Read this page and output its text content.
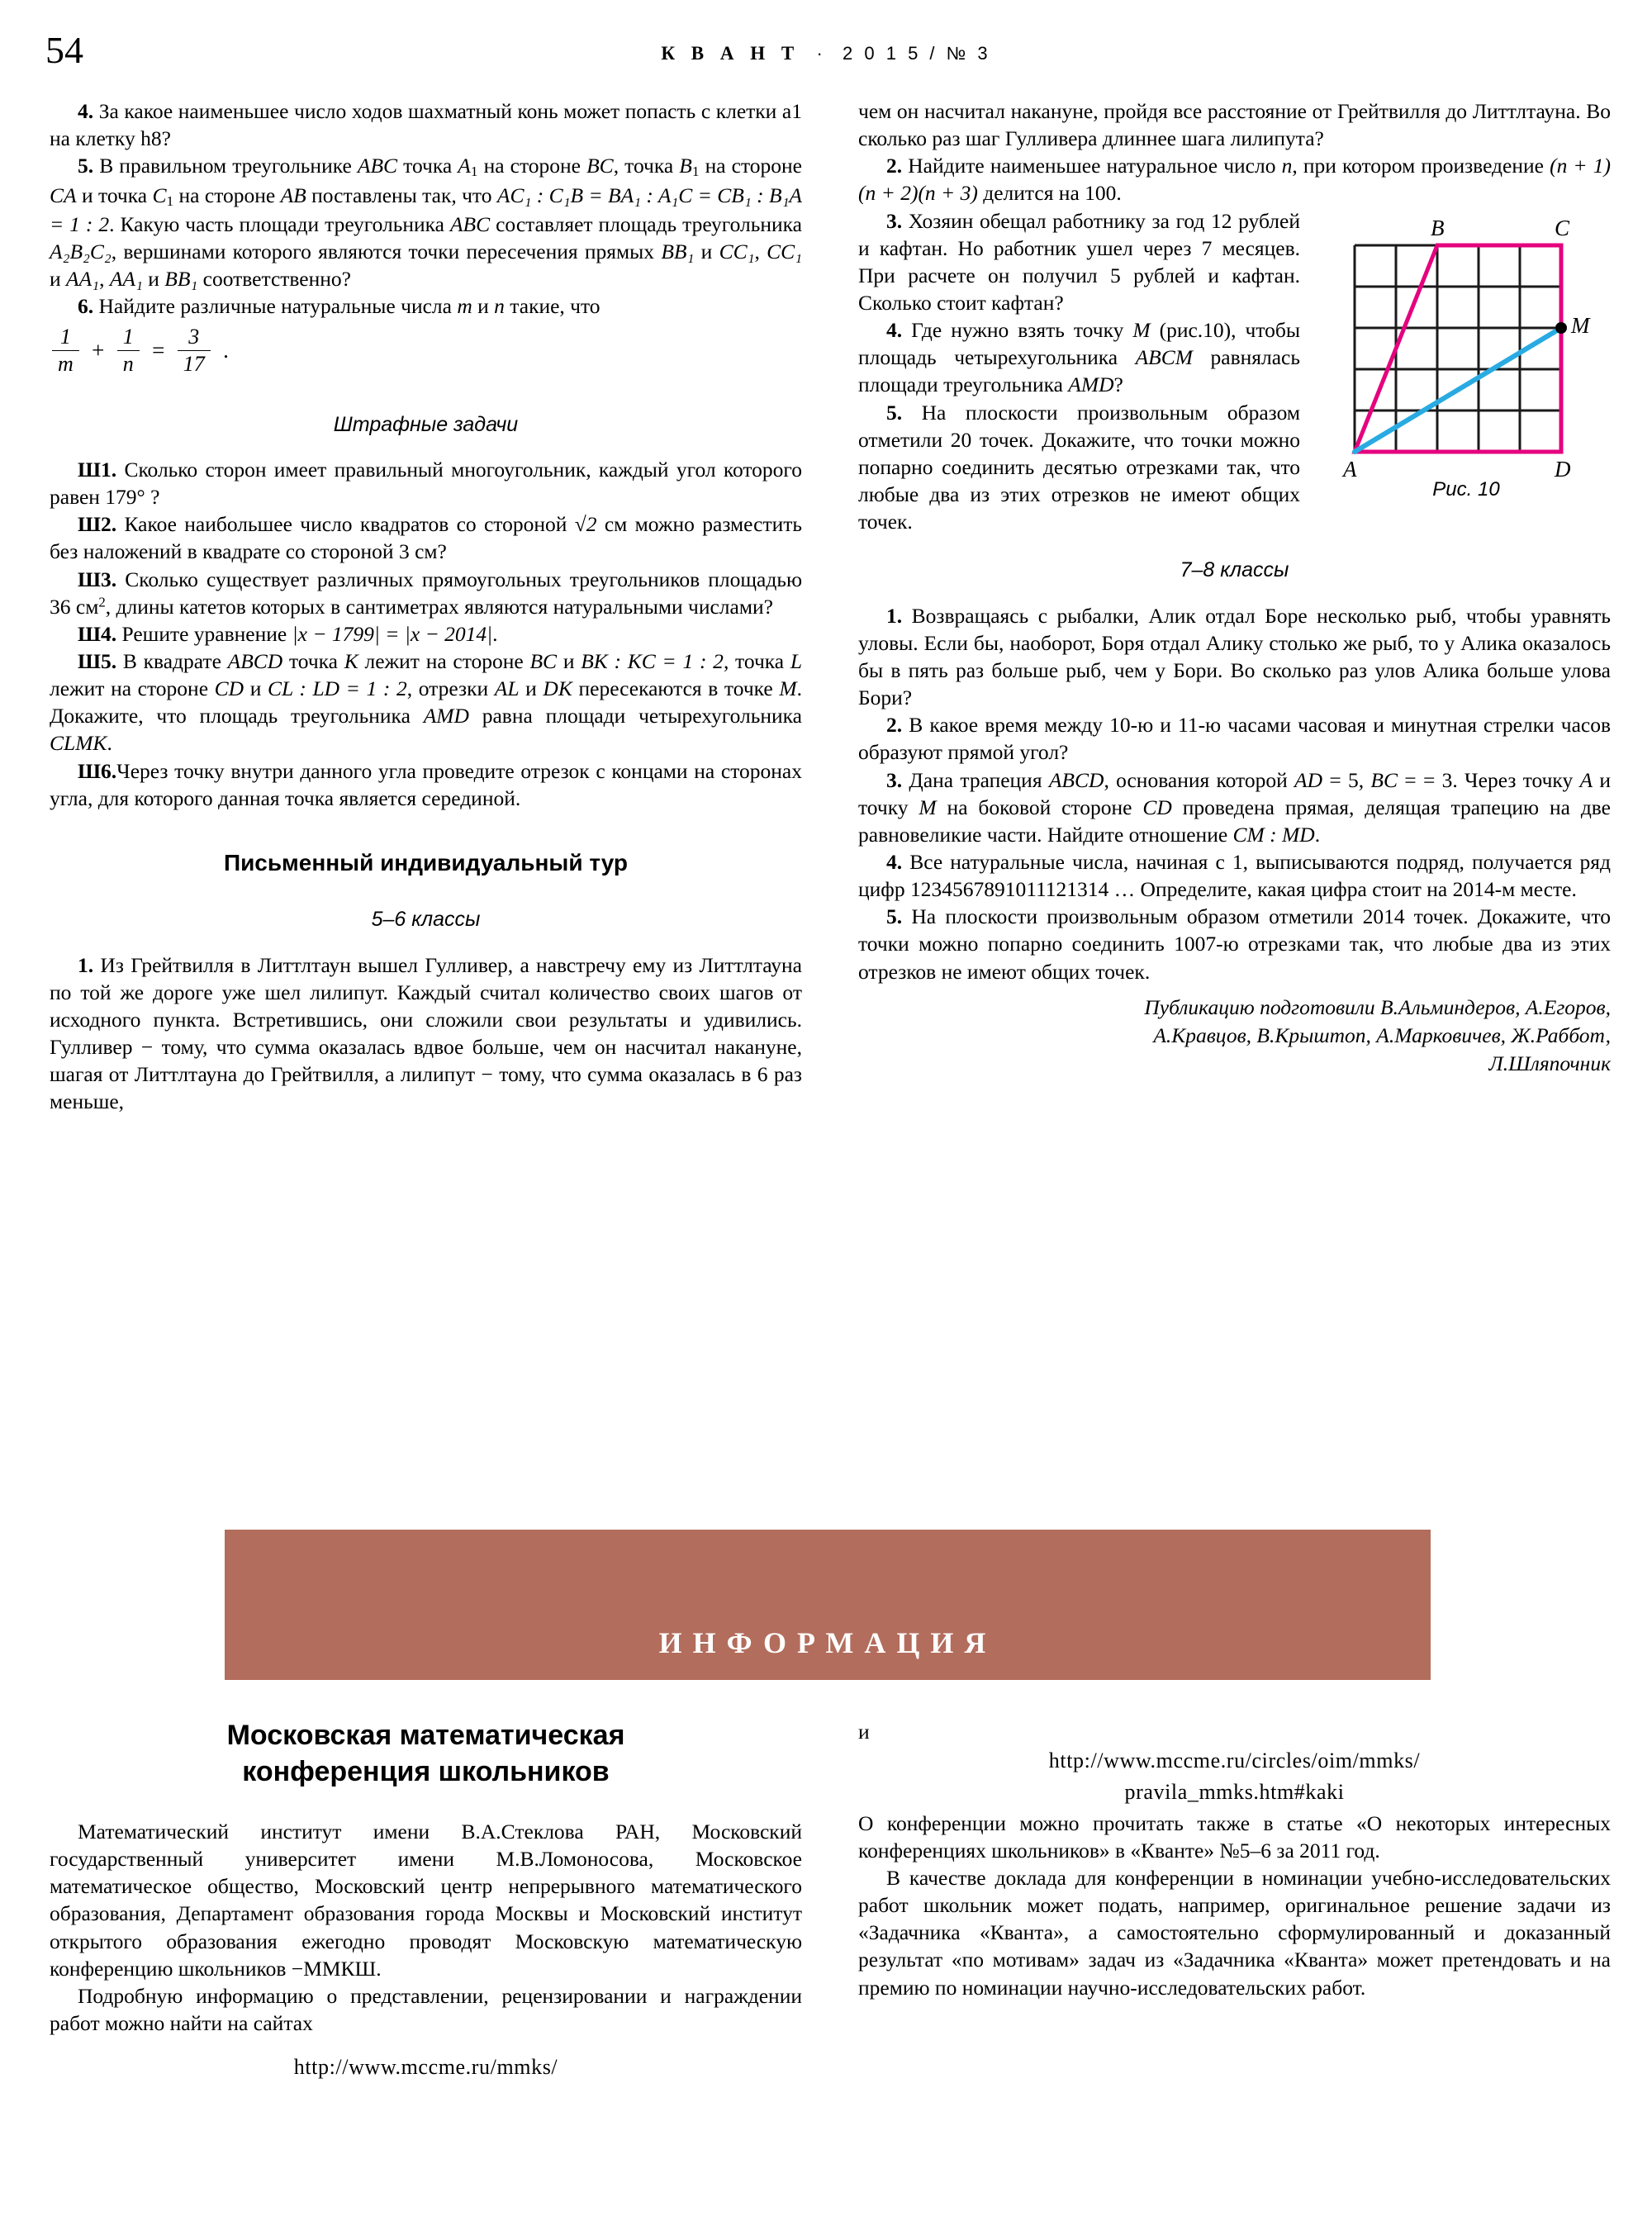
54	К В А Н Т · 2 0 1 5 / № 3

4. За какое наименьшее число ходов шахматный конь может попасть с клетки a1 на клетку h8?

5. В правильном треугольнике ABC точка $A_1$ на стороне BC, точка $B_1$ на стороне CA и точка $C_1$ на стороне AB поставлены так, что AC₁ : C₁B = BA₁ : A₁C = CB₁ : B₁A = 1 : 2. Какую часть площади треугольника ABC составляет площадь треугольника A₂B₂C₂, вершинами которого являются точки пересечения прямых BB₁ и CC₁, CC₁ и AA₁, AA₁ и BB₁ соответственно?

6. Найдите различные натуральные числа m и n такие, что

$\frac{1}{m} + \frac{1}{n} = \frac{3}{17}$ .
Штрафные задачи

Ш1. Сколько сторон имеет правильный многоугольник, каждый угол которого равен 179° ?

Ш2. Какое наибольшее число квадратов со стороной √2 см можно разместить без наложений в квадрате со стороной 3 см?

Ш3. Сколько существует различных прямоугольных треугольников площадью 36 $см^2$, длины катетов которых в сантиметрах являются натуральными числами?

Ш4. Решите уравнение |x − 1799| = |x − 2014|.

Ш5. В квадрате ABCD точка K лежит на стороне BC и BK : KC = 1 : 2, точка L лежит на стороне CD и CL : LD = 1 : 2, отрезки AL и DK пересекаются в точке M. Докажите, что площадь треугольника AMD равна площади четырехугольника CLMK.

Ш6.Через точку внутри данного угла проведите отрезок с концами на сторонах угла, для которого данная точка является серединой.

Письменный индивидуальный тур
5–6 классы

1. Из Грейтвилля в Литтлтаун вышел Гулливер, а навстречу ему из Литтлтауна по той же дороге уже шел лилипут. Каждый считал количество своих шагов от исходного пункта. Встретившись, они сложили свои результаты и удивились. Гулливер − тому, что сумма оказалась вдвое больше, чем он насчитал накануне, шагая от Литтлтауна до Грейтвилля, а лилипут − тому, что сумма оказалась в 6 раз меньше,

чем он насчитал накануне, пройдя все расстояние от Грейтвилля до Литтлтауна. Во сколько раз шаг Гулливера длиннее шага лилипута?

2. Найдите наименьшее натуральное число n, при котором произведение (n + 1)(n + 2)(n + 3) делится на 100.

B	C
M
A	D
Рис. 10

3. Хозяин обещал работнику за год 12 рублей и кафтан. Но работник ушел через 7 месяцев. При расчете он получил 5 рублей и кафтан. Сколько стоит кафтан?

4. Где нужно взять точку M (рис.10), чтобы площадь четырехугольника ABCM равнялась площади треугольника AMD?

5. На плоскости произвольным образом отметили 20 точек. Докажите, что точки можно попарно соединить десятью отрезками так, что любые два из этих отрезков не имеют общих точек.

7–8 классы

1. Возвращаясь с рыбалки, Алик отдал Боре несколько рыб, чтобы уравнять уловы. Если бы, наоборот, Боря отдал Алику столько же рыб, то у Алика оказалось бы в пять раз больше рыб, чем у Бори. Во сколько раз улов Алика больше улова Бори?

2. В какое время между 10-ю и 11-ю часами часовая и минутная стрелки часов образуют прямой угол?

3. Дана трапеция ABCD, основания которой AD = 5, BC = = 3. Через точку A и точку M на боковой стороне CD проведена прямая, делящая трапецию на две равновеликие части. Найдите отношение CM : MD.

4. Все натуральные числа, начиная с 1, выписываются подряд, получается ряд цифр 1234567891011121314 … Определите, какая цифра стоит на 2014-м месте.

5. На плоскости произвольным образом отметили 2014 точек. Докажите, что точки можно попарно соединить 1007-ю отрезками так, что любые два из этих отрезков не имеют общих точек.

Публикацию подготовили В.Альминдеров, А.Егоров,
А.Кравцов, В.Крыштоп, А.Марковичев, Ж.Раббот,
Л.Шляпочник
ИНФОРМАЦИЯ
Московская математическая
конференция школьников

Математический институт имени В.А.Стеклова РАН, Московский государственный университет имени М.В.Ломоносова, Московское математическое общество, Московский центр непрерывного математического образования, Департамент образования города Москвы и Московский институт открытого образования ежегодно проводят Московскую математическую конференцию школьников −ММКШ.

Подробную информацию о представлении, рецензировании и награждении работ можно найти на сайтах

http://www.mccme.ru/mmks/

и

http://www.mccme.ru/circles/oim/mmks/
pravila_mmks.htm#kaki

О конференции можно прочитать также в статье «О некоторых интересных конференциях школьников» в «Кванте» №5–6 за 2011 год.

В качестве доклада для конференции в номинации учебно-исследовательских работ школьник может подать, например, оригинальное решение задачи из «Задачника «Кванта», а самостоятельно сформулированный и доказанный результат «по мотивам» задач из «Задачника «Кванта» может претендовать и на премию по номинации научно-исследовательских работ.
